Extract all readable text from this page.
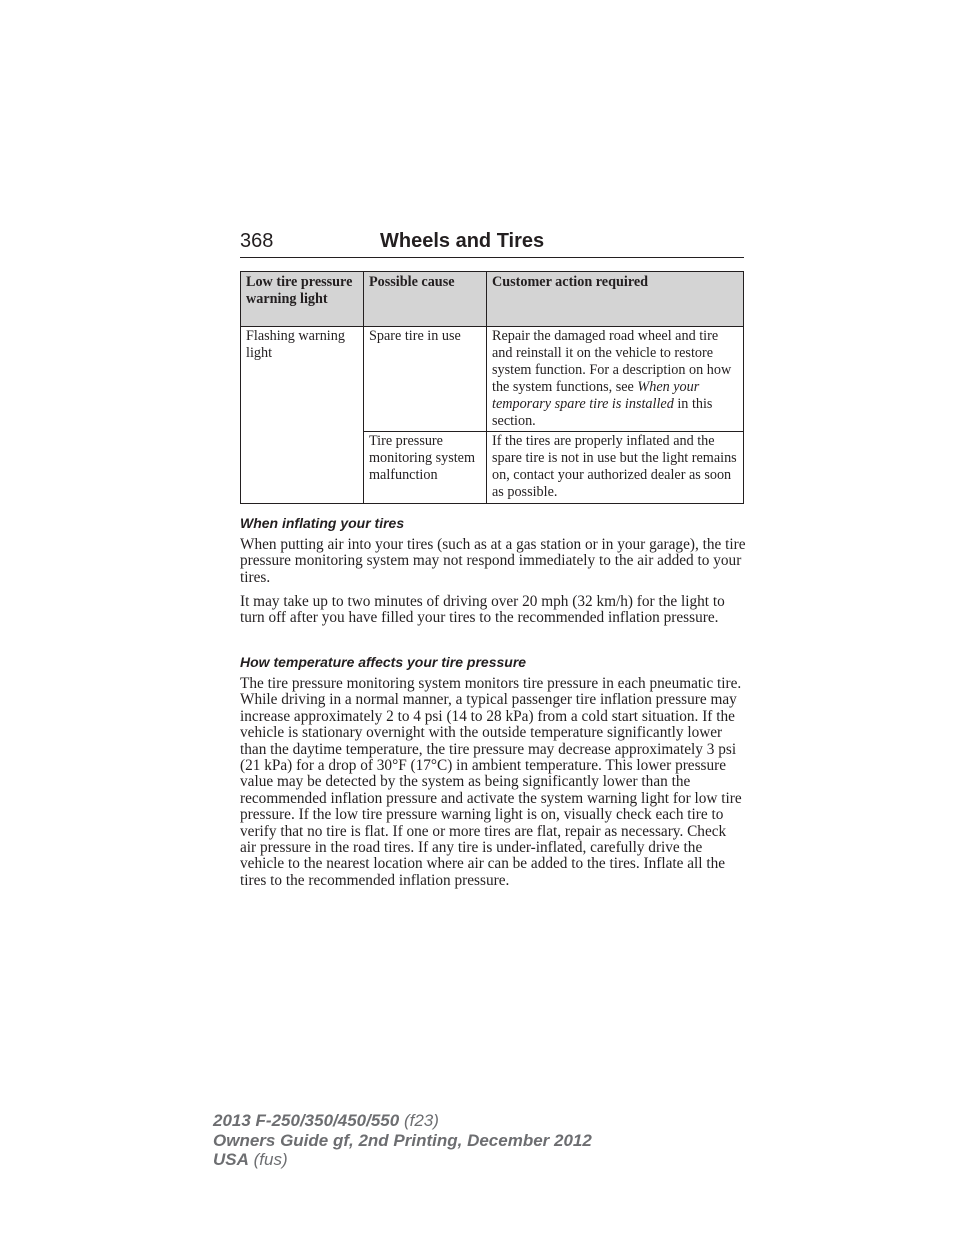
368	Wheels and Tires
Low tire pressure warning light	Possible cause	Customer action required
Flashing warning light	Spare tire in use	Repair the damaged road wheel and tire and reinstall it on the vehicle to restore system function. For a description on how the system functions, see When your temporary spare tire is installed in this section.
	Tire pressure monitoring system malfunction	If the tires are properly inflated and the spare tire is not in use but the light remains on, contact your authorized dealer as soon as possible.
When inflating your tires

When putting air into your tires (such as at a gas station or in your garage), the tire pressure monitoring system may not respond immediately to the air added to your tires.

It may take up to two minutes of driving over 20 mph (32 km/h) for the light to turn off after you have filled your tires to the recommended inflation pressure.

How temperature affects your tire pressure

The tire pressure monitoring system monitors tire pressure in each pneumatic tire. While driving in a normal manner, a typical passenger tire inflation pressure may increase approximately 2 to 4 psi (14 to 28 kPa) from a cold start situation. If the vehicle is stationary overnight with the outside temperature significantly lower than the daytime temperature, the tire pressure may decrease approximately 3 psi (21 kPa) for a drop of 30°F (17°C) in ambient temperature. This lower pressure value may be detected by the system as being significantly lower than the recommended inflation pressure and activate the system warning light for low tire pressure. If the low tire pressure warning light is on, visually check each tire to verify that no tire is flat. If one or more tires are flat, repair as necessary. Check air pressure in the road tires. If any tire is under-inflated, carefully drive the vehicle to the nearest location where air can be added to the tires. Inflate all the tires to the recommended inflation pressure.

2013 F-250/350/450/550 (f23)
Owners Guide gf, 2nd Printing, December 2012
USA (fus)
